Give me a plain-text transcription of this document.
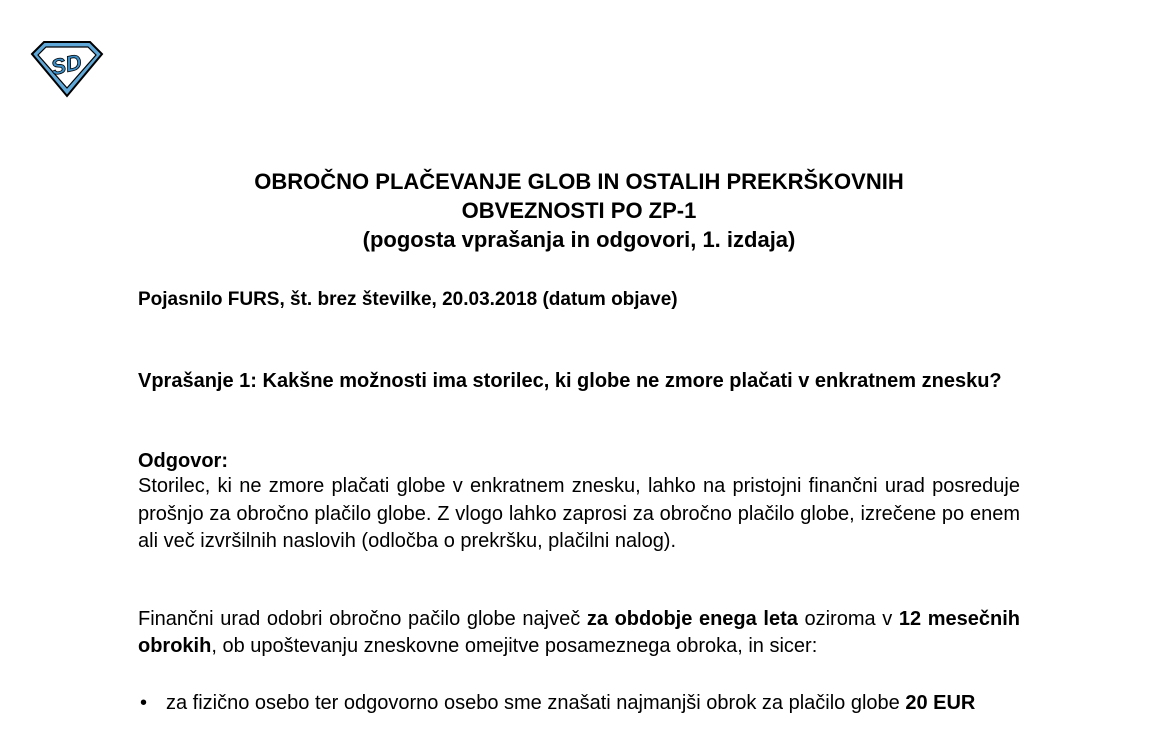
SD
OBROČNO PLAČEVANJE GLOB IN OSTALIH PREKRŠKOVNIH
OBVEZNOSTI PO ZP-1
(pogosta vprašanja in odgovori, 1. izdaja)
Pojasnilo FURS, št. brez številke, 20.03.2018 (datum objave)
Vprašanje 1: Kakšne možnosti ima storilec, ki globe ne zmore plačati v enkratnem znesku?
Odgovor:
Storilec, ki ne zmore plačati globe v enkratnem znesku, lahko na pristojni finančni urad posreduje prošnjo za obročno plačilo globe. Z vlogo lahko zaprosi za obročno plačilo globe, izrečene po enem ali več izvršilnih naslovih (odločba o prekršku, plačilni nalog).
Finančni urad odobri obročno pačilo globe največ za obdobje enega leta oziroma v 12 mesečnih obrokih, ob upoštevanju zneskovne omejitve posameznega obroka, in sicer:
• za fizično osebo ter odgovorno osebo sme znašati najmanjši obrok za plačilo globe 20 EUR
